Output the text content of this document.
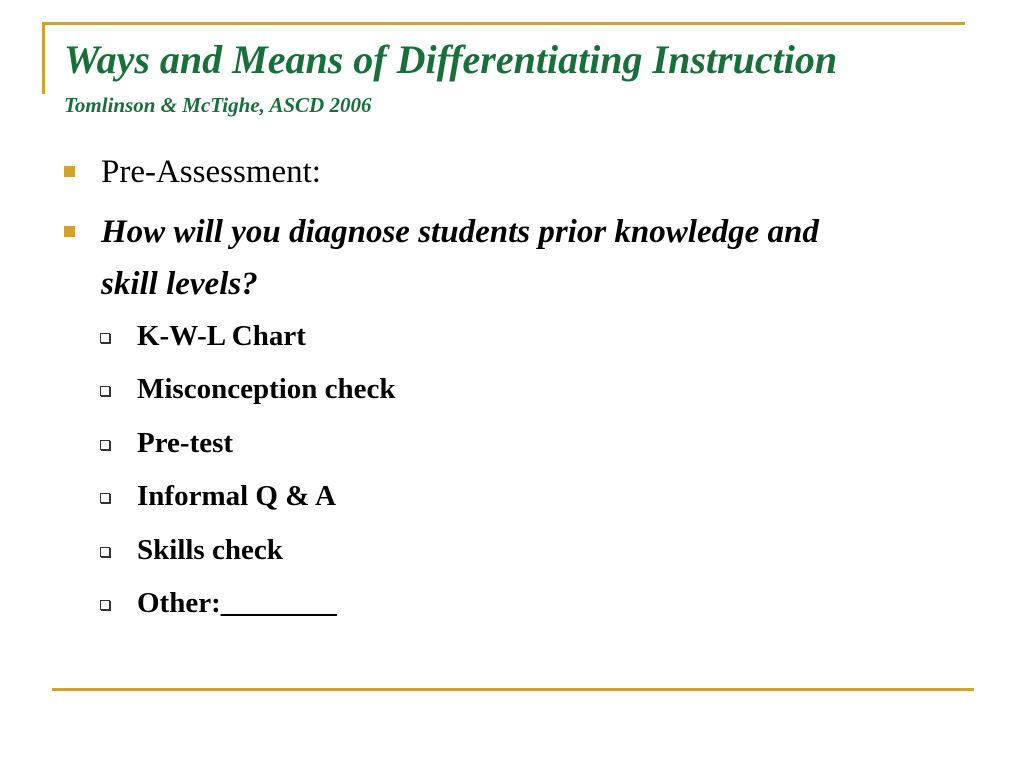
Ways and Means of Differentiating Instruction
Tomlinson & McTighe, ASCD 2006
Pre-Assessment:
How will you diagnose students prior knowledge and skill levels?
K-W-L Chart
Misconception check
Pre-test
Informal Q & A
Skills check
Other:________
